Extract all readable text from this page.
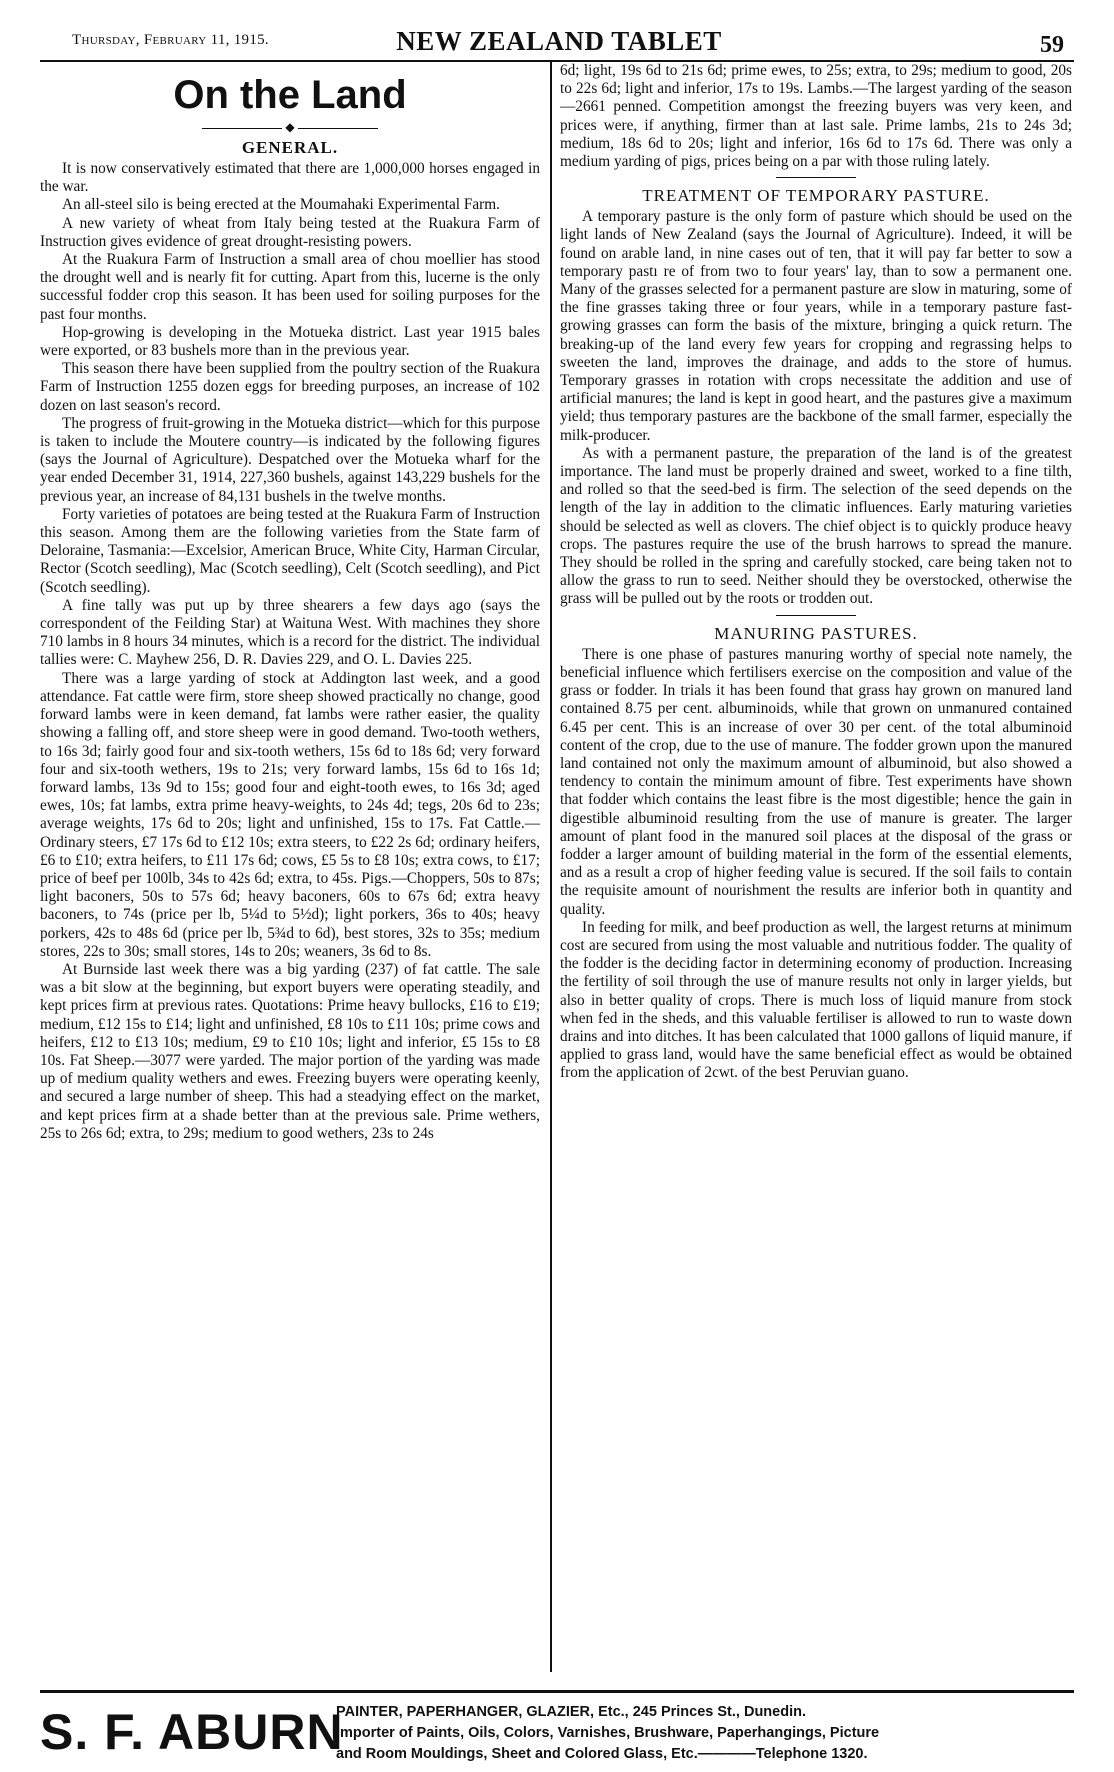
Thursday, February 11, 1915.	NEW ZEALAND TABLET	59
On the Land
◆
GENERAL.

It is now conservatively estimated that there are 1,000,000 horses engaged in the war.

An all-steel silo is being erected at the Moumahaki Experimental Farm.

A new variety of wheat from Italy being tested at the Ruakura Farm of Instruction gives evidence of great drought-resisting powers.

At the Ruakura Farm of Instruction a small area of chou moellier has stood the drought well and is nearly fit for cutting. Apart from this, lucerne is the only successful fodder crop this season. It has been used for soiling purposes for the past four months.

Hop-growing is developing in the Motueka district. Last year 1915 bales were exported, or 83 bushels more than in the previous year.

This season there have been supplied from the poultry section of the Ruakura Farm of Instruction 1255 dozen eggs for breeding purposes, an increase of 102 dozen on last season's record.

The progress of fruit-growing in the Motueka district—which for this purpose is taken to include the Moutere country—is indicated by the following figures (says the Journal of Agriculture). Despatched over the Motueka wharf for the year ended December 31, 1914, 227,360 bushels, against 143,229 bushels for the previous year, an increase of 84,131 bushels in the twelve months.

Forty varieties of potatoes are being tested at the Ruakura Farm of Instruction this season. Among them are the following varieties from the State farm of Deloraine, Tasmania:—Excelsior, American Bruce, White City, Harman Circular, Rector (Scotch seedling), Mac (Scotch seedling), Celt (Scotch seedling), and Pict (Scotch seedling).

A fine tally was put up by three shearers a few days ago (says the correspondent of the Feilding Star) at Waituna West. With machines they shore 710 lambs in 8 hours 34 minutes, which is a record for the district. The individual tallies were: C. Mayhew 256, D. R. Davies 229, and O. L. Davies 225.

There was a large yarding of stock at Addington last week, and a good attendance. Fat cattle were firm, store sheep showed practically no change, good forward lambs were in keen demand, fat lambs were rather easier, the quality showing a falling off, and store sheep were in good demand. Two-tooth wethers, to 16s 3d; fairly good four and six-tooth wethers, 15s 6d to 18s 6d; very forward four and six-tooth wethers, 19s to 21s; very forward lambs, 15s 6d to 16s 1d; forward lambs, 13s 9d to 15s; good four and eight-tooth ewes, to 16s 3d; aged ewes, 10s; fat lambs, extra prime heavy-weights, to 24s 4d; tegs, 20s 6d to 23s; average weights, 17s 6d to 20s; light and unfinished, 15s to 17s. Fat Cattle.—Ordinary steers, £7 17s 6d to £12 10s; extra steers, to £22 2s 6d; ordinary heifers, £6 to £10; extra heifers, to £11 17s 6d; cows, £5 5s to £8 10s; extra cows, to £17; price of beef per 100lb, 34s to 42s 6d; extra, to 45s. Pigs.—Choppers, 50s to 87s; light baconers, 50s to 57s 6d; heavy baconers, 60s to 67s 6d; extra heavy baconers, to 74s (price per lb, 5¼d to 5½d); light porkers, 36s to 40s; heavy porkers, 42s to 48s 6d (price per lb, 5¾d to 6d), best stores, 32s to 35s; medium stores, 22s to 30s; small stores, 14s to 20s; weaners, 3s 6d to 8s.

At Burnside last week there was a big yarding (237) of fat cattle. The sale was a bit slow at the beginning, but export buyers were operating steadily, and kept prices firm at previous rates. Quotations: Prime heavy bullocks, £16 to £19; medium, £12 15s to £14; light and unfinished, £8 10s to £11 10s; prime cows and heifers, £12 to £13 10s; medium, £9 to £10 10s; light and inferior, £5 15s to £8 10s. Fat Sheep.—3077 were yarded. The major portion of the yarding was made up of medium quality wethers and ewes. Freezing buyers were operating keenly, and secured a large number of sheep. This had a steadying effect on the market, and kept prices firm at a shade better than at the previous sale. Prime wethers, 25s to 26s 6d; extra, to 29s; medium to good wethers, 23s to 24s

6d; light, 19s 6d to 21s 6d; prime ewes, to 25s; extra, to 29s; medium to good, 20s to 22s 6d; light and inferior, 17s to 19s. Lambs.—The largest yarding of the season—2661 penned. Competition amongst the freezing buyers was very keen, and prices were, if anything, firmer than at last sale. Prime lambs, 21s to 24s 3d; medium, 18s 6d to 20s; light and inferior, 16s 6d to 17s 6d. There was only a medium yarding of pigs, prices being on a par with those ruling lately.

TREATMENT OF TEMPORARY PASTURE.

A temporary pasture is the only form of pasture which should be used on the light lands of New Zealand (says the Journal of Agriculture). Indeed, it will be found on arable land, in nine cases out of ten, that it will pay far better to sow a temporary pastı re of from two to four years' lay, than to sow a permanent one. Many of the grasses selected for a permanent pasture are slow in maturing, some of the fine grasses taking three or four years, while in a temporary pasture fast-growing grasses can form the basis of the mixture, bringing a quick return. The breaking-up of the land every few years for cropping and regrassing helps to sweeten the land, improves the drainage, and adds to the store of humus. Temporary grasses in rotation with crops necessitate the addition and use of artificial manures; the land is kept in good heart, and the pastures give a maximum yield; thus temporary pastures are the backbone of the small farmer, especially the milk-producer.

As with a permanent pasture, the preparation of the land is of the greatest importance. The land must be properly drained and sweet, worked to a fine tilth, and rolled so that the seed-bed is firm. The selection of the seed depends on the length of the lay in addition to the climatic influences. Early maturing varieties should be selected as well as clovers. The chief object is to quickly produce heavy crops. The pastures require the use of the brush harrows to spread the manure. They should be rolled in the spring and carefully stocked, care being taken not to allow the grass to run to seed. Neither should they be overstocked, otherwise the grass will be pulled out by the roots or trodden out.

MANURING PASTURES.

There is one phase of pastures manuring worthy of special note namely, the beneficial influence which fertilisers exercise on the composition and value of the grass or fodder. In trials it has been found that grass hay grown on manured land contained 8.75 per cent. albuminoids, while that grown on unmanured contained 6.45 per cent. This is an increase of over 30 per cent. of the total albuminoid content of the crop, due to the use of manure. The fodder grown upon the manured land contained not only the maximum amount of albuminoid, but also showed a tendency to contain the minimum amount of fibre. Test experiments have shown that fodder which contains the least fibre is the most digestible; hence the gain in digestible albuminoid resulting from the use of manure is greater. The larger amount of plant food in the manured soil places at the disposal of the grass or fodder a larger amount of building material in the form of the essential elements, and as a result a crop of higher feeding value is secured. If the soil fails to contain the requisite amount of nourishment the results are inferior both in quantity and quality.

In feeding for milk, and beef production as well, the largest returns at minimum cost are secured from using the most valuable and nutritious fodder. The quality of the fodder is the deciding factor in determining economy of production. Increasing the fertility of soil through the use of manure results not only in larger yields, but also in better quality of crops. There is much loss of liquid manure from stock when fed in the sheds, and this valuable fertiliser is allowed to run to waste down drains and into ditches. It has been calculated that 1000 gallons of liquid manure, if applied to grass land, would have the same beneficial effect as would be obtained from the application of 2cwt. of the best Peruvian guano.

S. F. ABURN
PAINTER, PAPERHANGER, GLAZIER, Etc., 245 Princes St., Dunedin.
Importer of Paints, Oils, Colors, Varnishes, Brushware, Paperhangings, Picture
and Room Mouldings, Sheet and Colored Glass, Etc.————Telephone 1320.
